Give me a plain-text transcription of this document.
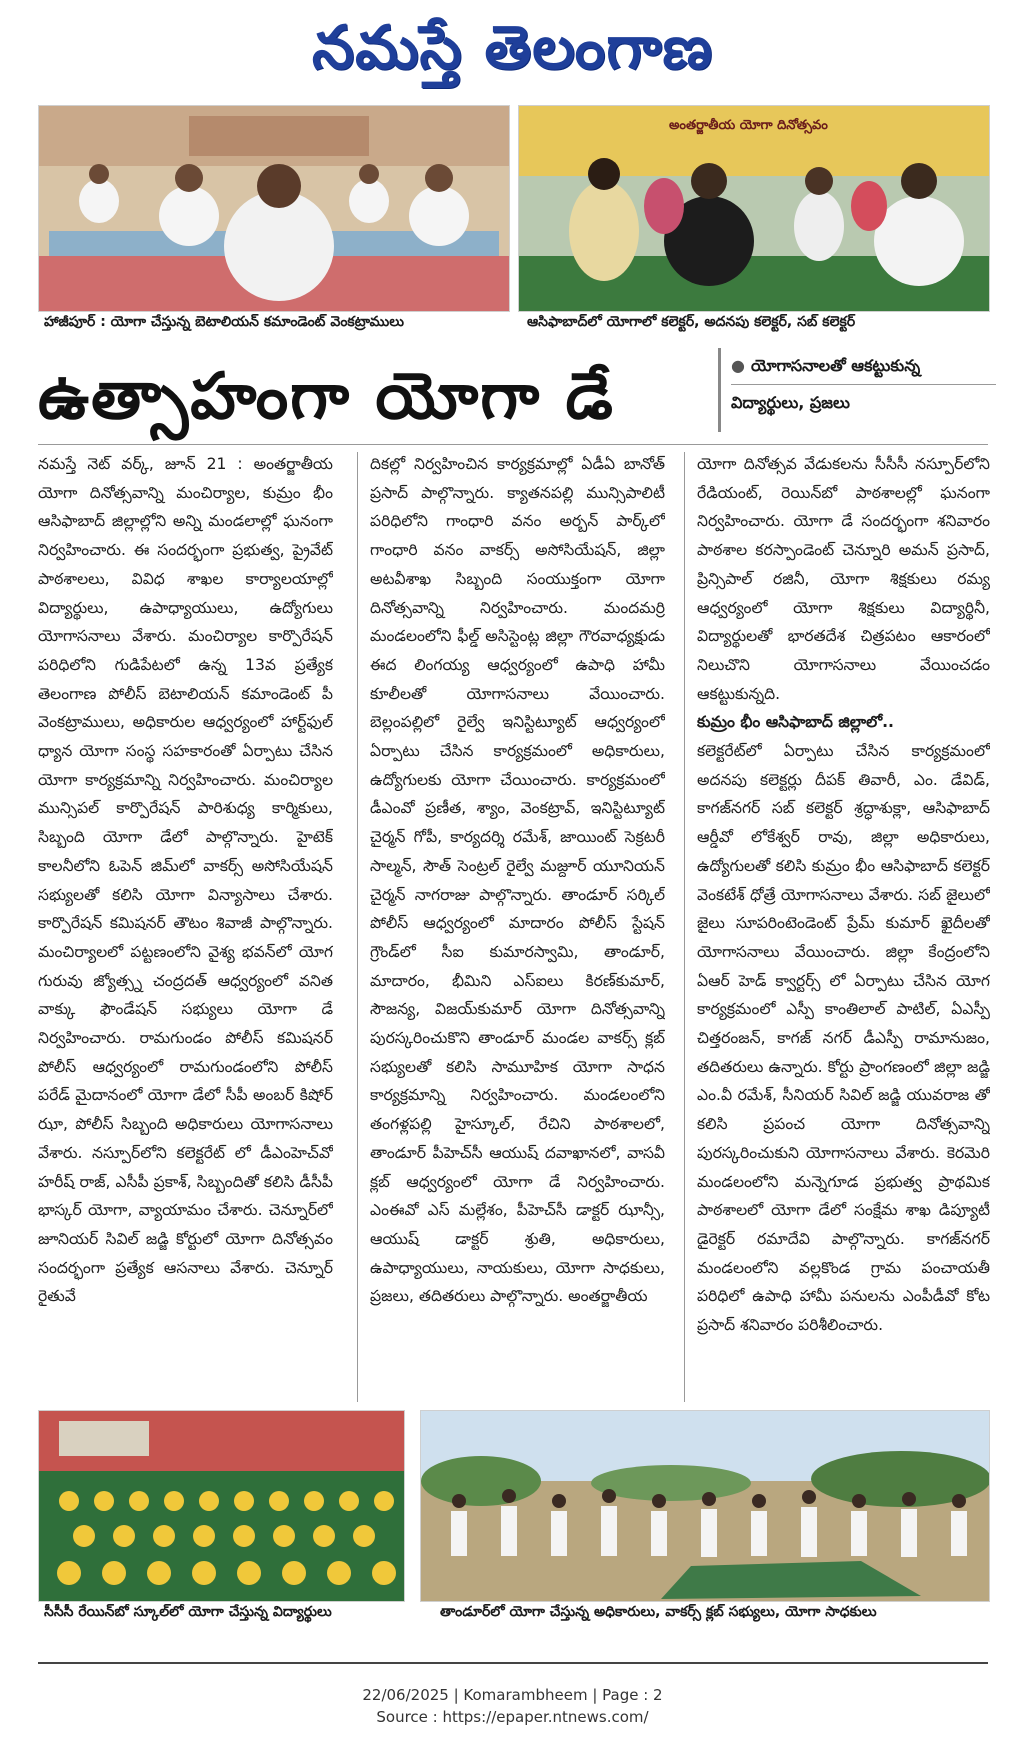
నమస్తే తెలంగాణ
హాజీపూర్ : యోగా చేస్తున్న బెటాలియన్ కమాండెంట్ వెంకట్రాములు
అంతర్జాతీయ యోగా దినోత్సవం
ఆసిఫాబాద్‌లో యోగాలో కలెక్టర్, అదనపు కలెక్టర్, సబ్ కలెక్టర్
ఉత్సాహంగా యోగా డే	● యోగాసనాలతో ఆకట్టుకున్న
విద్యార్థులు, ప్రజలు

నమస్తే నెట్ వర్క్, జూన్ 21 : అంతర్జాతీయ యోగా దినోత్సవాన్ని మంచిర్యాల, కుమ్రం భీం ఆసిఫాబాద్ జిల్లాల్లోని అన్ని మండలాల్లో ఘనంగా నిర్వహించారు. ఈ సందర్భంగా ప్రభుత్వ, ప్రైవేట్ పాఠశాలలు, వివిధ శాఖల కార్యాలయాల్లో విద్యార్థులు, ఉపాధ్యాయులు, ఉద్యోగులు యోగాసనాలు వేశారు. మంచిర్యాల కార్పొరేషన్ పరిధిలోని గుడిపేటలో ఉన్న 13వ ప్రత్యేక తెలంగాణ పోలీస్ బెటాలియన్ కమాండెంట్ పీ వెంకట్రాములు, అధికారుల ఆధ్వర్యంలో హార్ట్‌ఫుల్ ధ్యాన యోగా సంస్థ సహకారంతో ఏర్పాటు చేసిన యోగా కార్యక్రమాన్ని నిర్వహించారు. మంచిర్యాల మున్సిపల్ కార్పొరేషన్ పారిశుధ్య కార్మికులు, సిబ్బంది యోగా డేలో పాల్గొన్నారు. హైటెక్ కాలనీలోని ఓపెన్ జిమ్‌లో వాకర్స్ అసోసియేషన్ సభ్యులతో కలిసి యోగా విన్యాసాలు చేశారు. కార్పొరేషన్ కమిషనర్ తౌటం శివాజీ పాల్గొన్నారు. మంచిర్యాలలో పట్టణంలోని వైశ్య భవన్‌లో యోగ గురువు జ్యోత్స్న చంద్రదత్ ఆధ్వర్యంలో వనిత వాక్కు ఫౌండేషన్ సభ్యులు యోగా డే నిర్వహించారు. రామగుండం పోలీస్ కమిషనర్ పోలీస్ ఆధ్వర్యంలో రామగుండంలోని పోలీస్ పరేడ్ మైదానంలో యోగా డేలో సీపీ అంబర్ కిషోర్ ఝా, పోలీస్ సిబ్బంది అధికారులు యోగాసనాలు వేశారు. నస్పూర్‌లోని కలెక్టరేట్ లో డీఎంహెచ్‌వో హరీష్ రాజ్, ఎసీపీ ప్రకాశ్, సిబ్బందితో కలిసి డీసీపీ భాస్కర్ యోగా, వ్యాయామం చేశారు. చెన్నూర్‌లో జూనియర్ సివిల్ జడ్జి కోర్టులో యోగా దినోత్సవం సందర్భంగా ప్రత్యేక ఆసనాలు వేశారు. చెన్నూర్ రైతువే

దికల్లో నిర్వహించిన కార్యక్రమాల్లో ఏడీఏ బానోత్ ప్రసాద్ పాల్గొన్నారు. క్యాతనపల్లి మున్సిపాలిటీ పరిధిలోని గాంధారి వనం అర్బన్ పార్క్‌లో గాంధారి వనం వాకర్స్ అసోసియేషన్, జిల్లా అటవీశాఖ సిబ్బంది సంయుక్తంగా యోగా దినోత్సవాన్ని నిర్వహించారు. మందమర్రి మండలంలోని ఫీల్డ్ అసిస్టెంట్ల జిల్లా గౌరవాధ్యక్షుడు ఈద లింగయ్య ఆధ్వర్యంలో ఉపాధి హామీ కూలీలతో యోగాసనాలు వేయించారు. బెల్లంపల్లిలో రైల్వే ఇనిస్టిట్యూట్ ఆధ్వర్యంలో ఏర్పాటు చేసిన కార్యక్రమంలో అధికారులు, ఉద్యోగులకు యోగా చేయించారు. కార్యక్రమంలో డీఎంవో ప్రణీత, శ్యాం, వెంకట్రావ్, ఇనిస్టిట్యూట్ చైర్మన్ గోపీ, కార్యదర్శి రమేశ్, జాయింట్ సెక్రటరీ సాల్మన్, సౌత్ సెంట్రల్ రైల్వే మజ్దూర్ యూనియన్ చైర్మన్ నాగరాజు పాల్గొన్నారు. తాండూర్ సర్కిల్ పోలీస్ ఆధ్వర్యంలో మాదారం పోలీస్ స్టేషన్ గ్రౌండ్‌లో సీఐ కుమారస్వామి, తాండూర్, మాదారం, భీమిని ఎస్ఐలు కిరణ్‌కుమార్, సౌజన్య, విజయ్‌కుమార్ యోగా దినోత్సవాన్ని పురస్కరించుకొని తాండూర్ మండల వాకర్స్ క్లబ్ సభ్యులతో కలిసి సామూహిక యోగా సాధన కార్యక్రమాన్ని నిర్వహించారు. మండలంలోని తంగళ్లపల్లి హైస్కూల్, రేచిని పాఠశాలలో, తాండూర్ పీహెచ్‌సీ ఆయుష్ దవాఖానలో, వాసవీ క్లబ్ ఆధ్వర్యంలో యోగా డే నిర్వహించారు. ఎంఈవో ఎస్ మల్లేశం, పీహెచ్‌సీ డాక్టర్ ఝాన్సీ, ఆయుష్ డాక్టర్ శ్రుతి, అధికారులు, ఉపాధ్యాయులు, నాయకులు, యోగా సాధకులు, ప్రజలు, తదితరులు పాల్గొన్నారు. అంతర్జాతీయ

యోగా దినోత్సవ వేడుకలను సీసీసీ నస్పూర్‌లోని రేడియంట్, రెయిన్‌బో పాఠశాలల్లో ఘనంగా నిర్వహించారు. యోగా డే సందర్భంగా శనివారం పాఠశాల కరస్పాండెంట్ చెన్నూరి అమన్ ప్రసాద్, ప్రిన్సిపాల్ రజినీ, యోగా శిక్షకులు రమ్య ఆధ్వర్యంలో యోగా శిక్షకులు విద్యార్థినీ, విద్యార్థులతో భారతదేశ చిత్రపటం ఆకారంలో నిలుచొని యోగాసనాలు వేయించడం ఆకట్టుకున్నది.

కుమ్రం భీం ఆసిఫాబాద్ జిల్లాలో..

కలెక్టరేట్‌లో ఏర్పాటు చేసిన కార్యక్రమంలో అదనపు కలెక్టర్లు దీపక్ తివారీ, ఎం. డేవిడ్, కాగజ్‌నగర్ సబ్ కలెక్టర్ శ్రద్ధాశుక్లా, ఆసిఫాబాద్ ఆర్డీవో లోకేశ్వర్ రావు, జిల్లా అధికారులు, ఉద్యోగులతో కలిసి కుమ్రం భీం ఆసిఫాబాద్ కలెక్టర్ వెంకటేశ్ ధోత్రే యోగాసనాలు వేశారు. సబ్ జైలులో జైలు సూపరింటెండెంట్ ప్రేమ్ కుమార్ ఖైదీలతో యోగాసనాలు వేయించారు. జిల్లా కేంద్రంలోని ఏఆర్ హెడ్ క్వార్టర్స్ లో ఏర్పాటు చేసిన యోగ కార్యక్రమంలో ఎస్పీ కాంతిలాల్ పాటిల్, ఏఎస్పీ చిత్తరంజన్, కాగజ్ నగర్ డీఎస్పీ రామానుజం, తదితరులు ఉన్నారు. కోర్టు ప్రాంగణంలో జిల్లా జడ్జి ఎం.వీ రమేశ్, సీనియర్ సివిల్ జడ్జి యువరాజ తో కలిసి ప్రపంచ యోగా దినోత్సవాన్ని పురస్కరించుకుని యోగాసనాలు వేశారు. కెరమెరి మండలంలోని మన్నెగూడ ప్రభుత్వ ప్రాథమిక పాఠశాలలో యోగా డేలో సంక్షేమ శాఖ డిప్యూటీ డైరెక్టర్ రమాదేవి పాల్గొన్నారు. కాగజ్‌నగర్ మండలంలోని వల్లకొండ గ్రామ పంచాయతీ పరిధిలో ఉపాధి హామీ పనులను ఎంపీడీవో కోట ప్రసాద్ శనివారం పరిశీలించారు.

సీసీసీ రేయిన్‌బో స్కూల్‌లో యోగా చేస్తున్న విద్యార్థులు	తాండూర్‌లో యోగా చేస్తున్న అధికారులు, వాకర్స్ క్లబ్ సభ్యులు, యోగా సాధకులు
22/06/2025 | Komarambheem | Page : 2
Source : https://epaper.ntnews.com/
